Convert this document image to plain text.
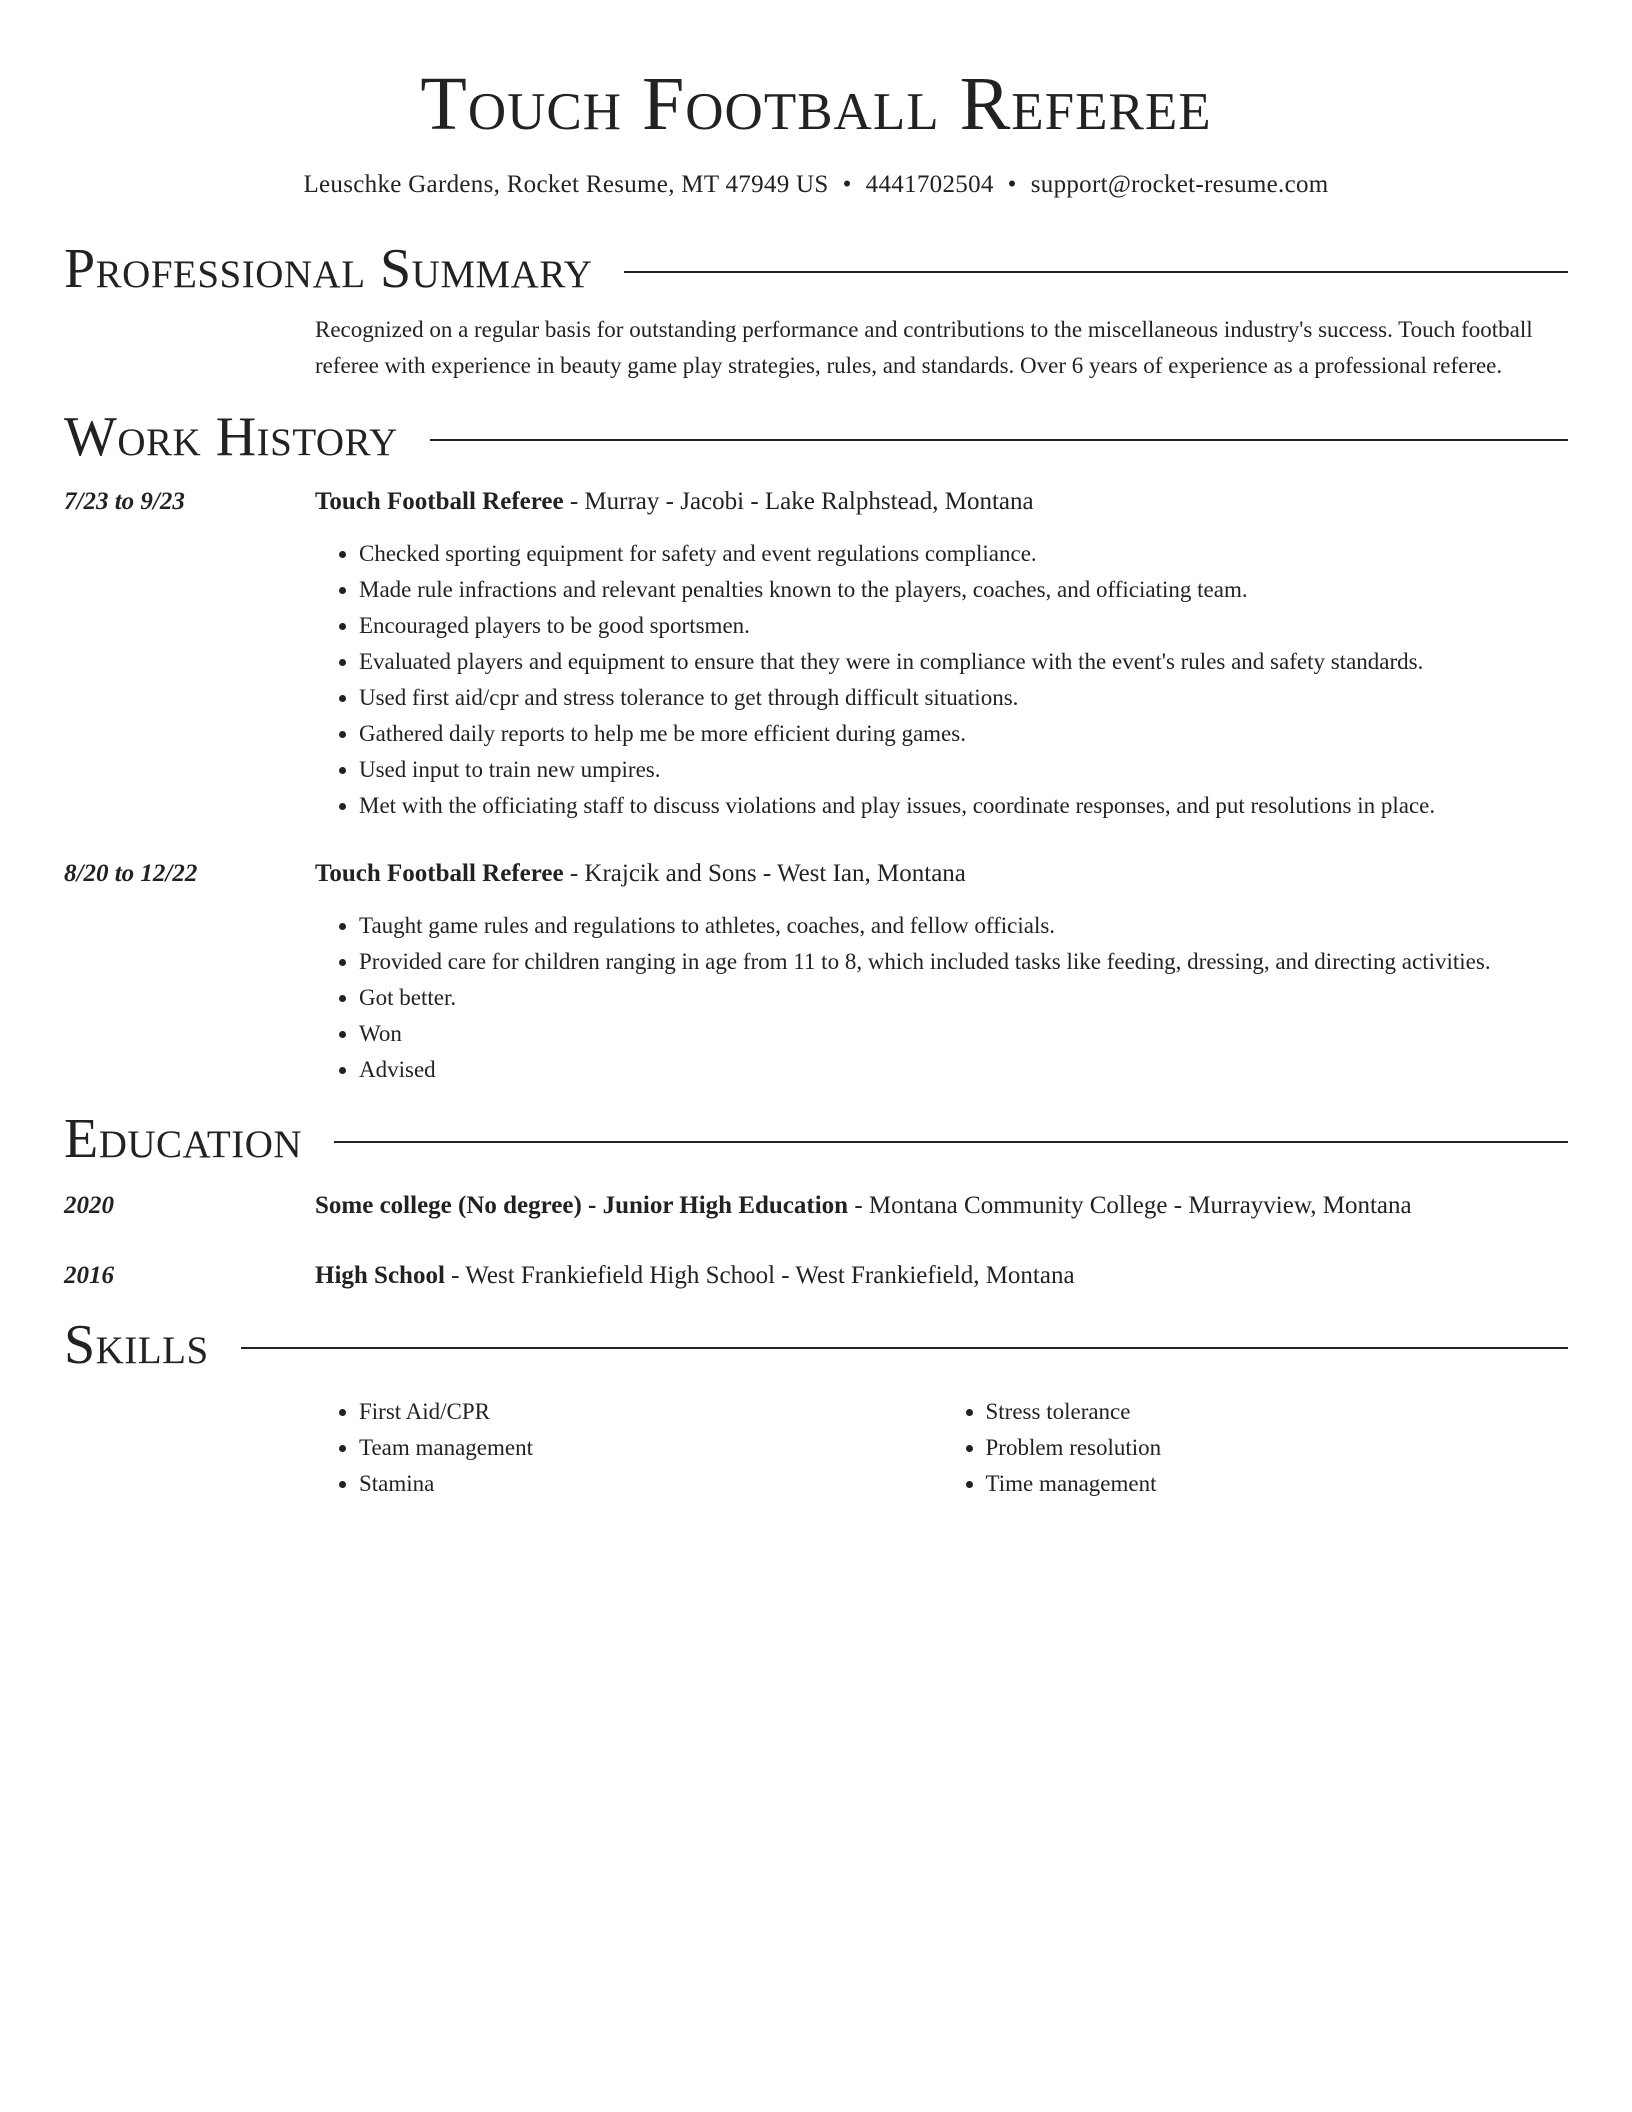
Touch Football Referee
Leuschke Gardens, Rocket Resume, MT 47949 US • 4441702504 • support@rocket-resume.com
Professional Summary

Recognized on a regular basis for outstanding performance and contributions to the miscellaneous industry's success. Touch football referee with experience in beauty game play strategies, rules, and standards. Over 6 years of experience as a professional referee.

Work History
7/23 to 9/23	Touch Football Referee - Murray - Jacobi - Lake Ralphstead, Montana
• Checked sporting equipment for safety and event regulations compliance.
• Made rule infractions and relevant penalties known to the players, coaches, and officiating team.
• Encouraged players to be good sportsmen.
• Evaluated players and equipment to ensure that they were in compliance with the event's rules and safety standards.
• Used first aid/cpr and stress tolerance to get through difficult situations.
• Gathered daily reports to help me be more efficient during games.
• Used input to train new umpires.
• Met with the officiating staff to discuss violations and play issues, coordinate responses, and put resolutions in place.
8/20 to 12/22	Touch Football Referee - Krajcik and Sons - West Ian, Montana
• Taught game rules and regulations to athletes, coaches, and fellow officials.
• Provided care for children ranging in age from 11 to 8, which included tasks like feeding, dressing, and directing activities.
• Got better.
• Won
• Advised
Education
2020	Some college (No degree) - Junior High Education - Montana Community College - Murrayview, Montana
2016	High School - West Frankiefield High School - West Frankiefield, Montana
Skills
• First Aid/CPR
• Team management
• Stamina
• Stress tolerance
• Problem resolution
• Time management
